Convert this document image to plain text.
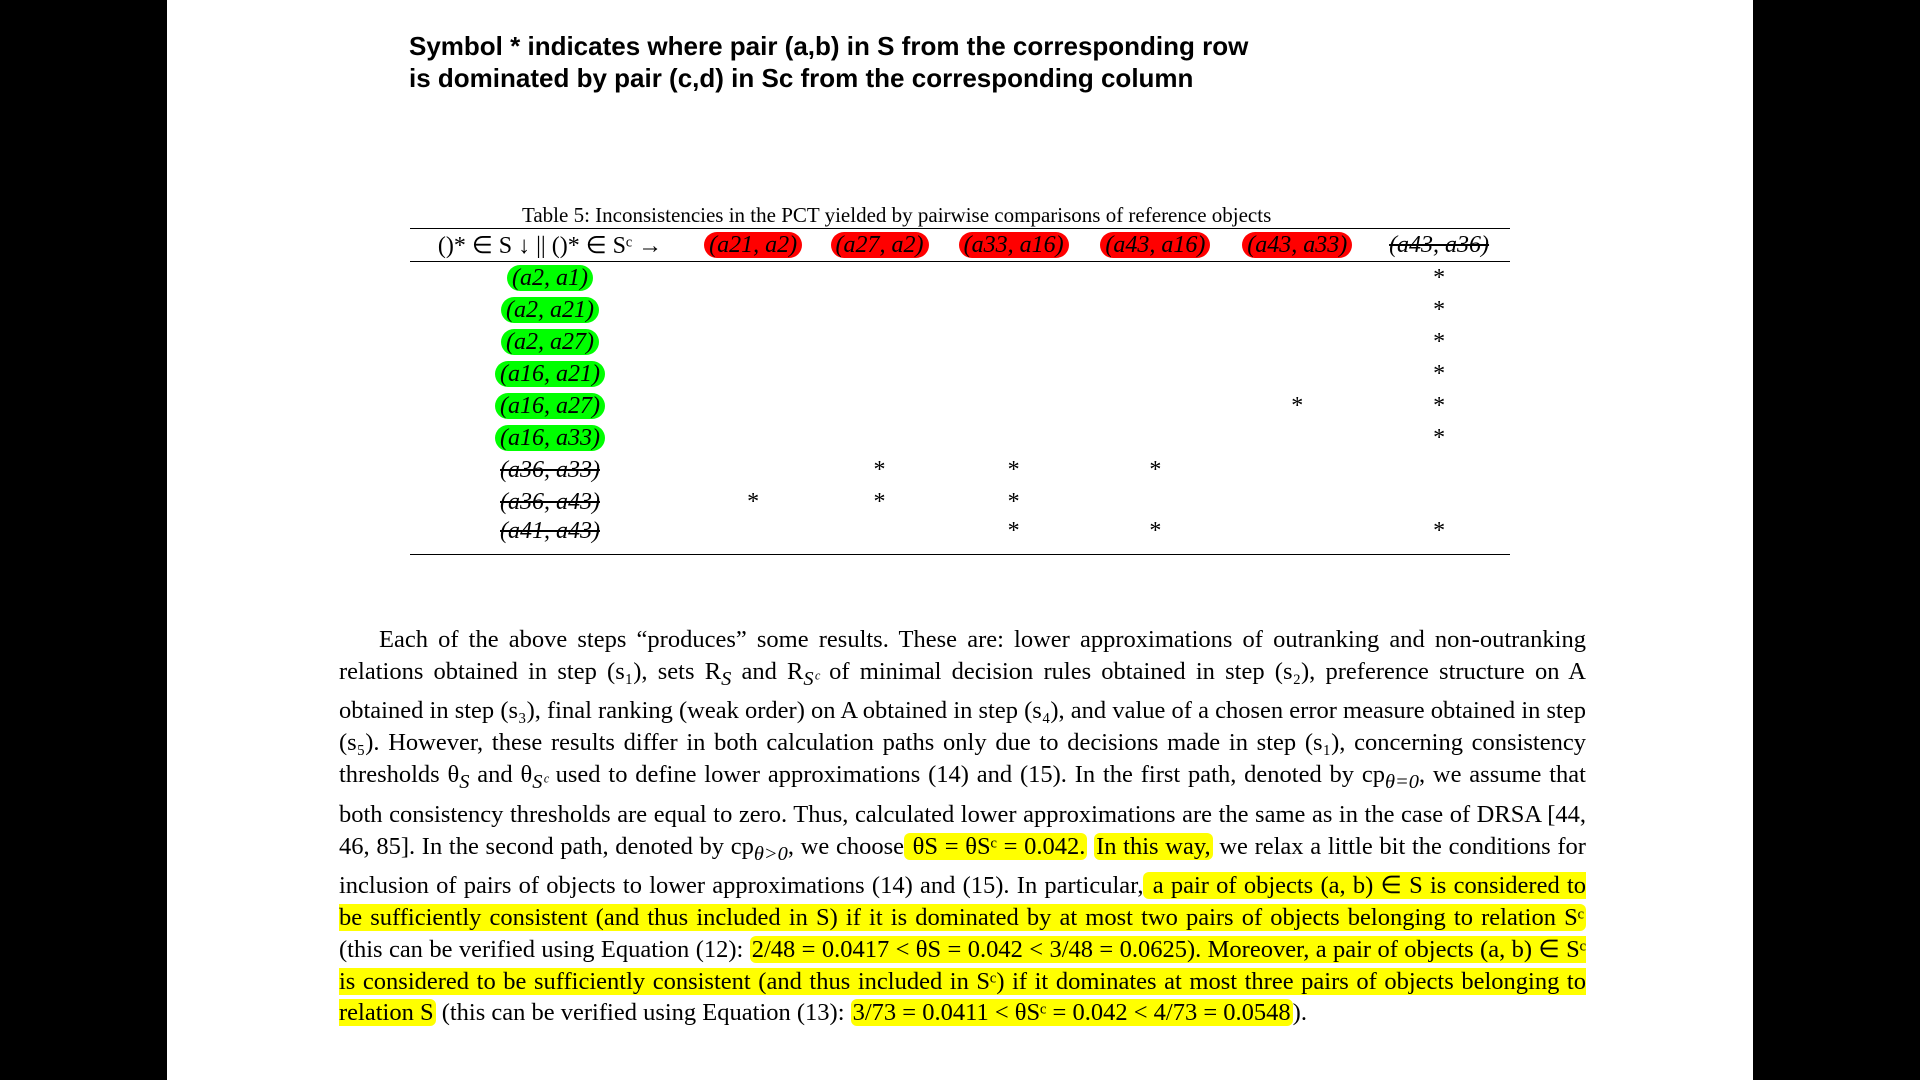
Symbol * indicates where pair (a,b) in S from the corresponding row
is dominated by pair (c,d) in Sc from the corresponding column
Table 5: Inconsistencies in the PCT yielded by pairwise comparisons of reference objects
()* ∈ S ↓ || ()* ∈ Sᶜ →	(a21, a2)	(a27, a2)	(a33, a16)	(a43, a16)	(a43, a33)	(a43, a36)
(a2, a1)						*
(a2, a21)						*
(a2, a27)						*
(a16, a21)						*
(a16, a27)					*	*
(a16, a33)						*
(a36, a33)		*	*	*		
(a36, a43)	*	*	*			
(a41, a43)			*	*		*

Each of the above steps “produces” some results. These are: lower approximations of outranking and non-outranking relations obtained in step (s₁), sets $R_S$ and $R_{Sᶜ}$ of minimal decision rules obtained in step (s₂), preference structure on A obtained in step (s₃), final ranking (weak order) on A obtained in step (s₄), and value of a chosen error measure obtained in step (s₅). However, these results differ in both calculation paths only due to decisions made in step (s₁), concerning consistency thresholds $\theta_S$ and $\theta_{Sᶜ}$ used to define lower approximations (14) and (15). In the first path, denoted by $cp_{\theta=0}$, we assume that both consistency thresholds are equal to zero. Thus, calculated lower approximations are the same as in the case of DRSA [44, 46, 85]. In the second path, denoted by $cp_{\theta>0}$, we choose θS = θSᶜ = 0.042. In this way, we relax a little bit the conditions for inclusion of pairs of objects to lower approximations (14) and (15). In particular, a pair of objects (a, b) ∈ S is considered to be sufficiently consistent (and thus included in S) if it is dominated by at most two pairs of objects belonging to relation Sᶜ (this can be verified using Equation (12): 2/48 = 0.0417 < θS = 0.042 < 3/48 = 0.0625). Moreover, a pair of objects (a, b) ∈ Sᶜ is considered to be sufficiently consistent (and thus included in Sᶜ) if it dominates at most three pairs of objects belonging to relation S (this can be verified using Equation (13): 3/73 = 0.0411 < θSᶜ = 0.042 < 4/73 = 0.0548).
